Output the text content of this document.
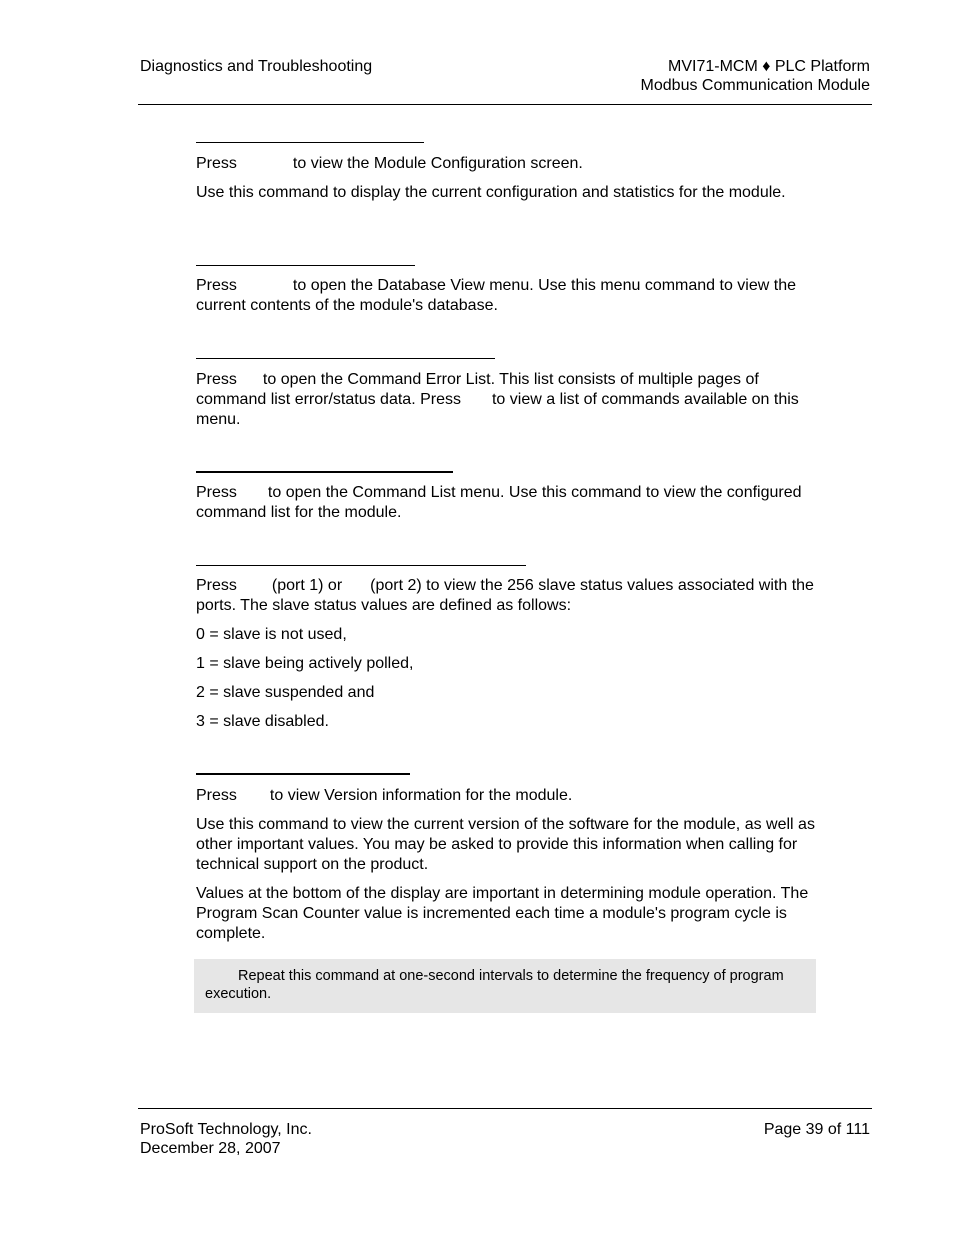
Diagnostics and Troubleshooting	MVI71-MCM ♦ PLC Platform
Modbus Communication Module

Press	to view the Module Configuration screen.

Use this command to display the current configuration and statistics for the module.

Press	to open the Database View menu. Use this menu command to view the current contents of the module's database.

Press to open the Command Error List. This list consists of multiple pages of command list error/status data. Press to view a list of commands available on this menu.

Press to open the Command List menu. Use this command to view the configured command list for the module.

Press (port 1) or (port 2) to view the 256 slave status values associated with the ports. The slave status values are defined as follows:

0 = slave is not used,

1 = slave being actively polled,

2 = slave suspended and

3 = slave disabled.

Press to view Version information for the module.

Use this command to view the current version of the software for the module, as well as other important values. You may be asked to provide this information when calling for technical support on the product.

Values at the bottom of the display are important in determining module operation. The Program Scan Counter value is incremented each time a module's program cycle is complete.

Repeat this command at one-second intervals to determine the frequency of program execution.
ProSoft Technology, Inc.
December 28, 2007
Page 39 of 111
